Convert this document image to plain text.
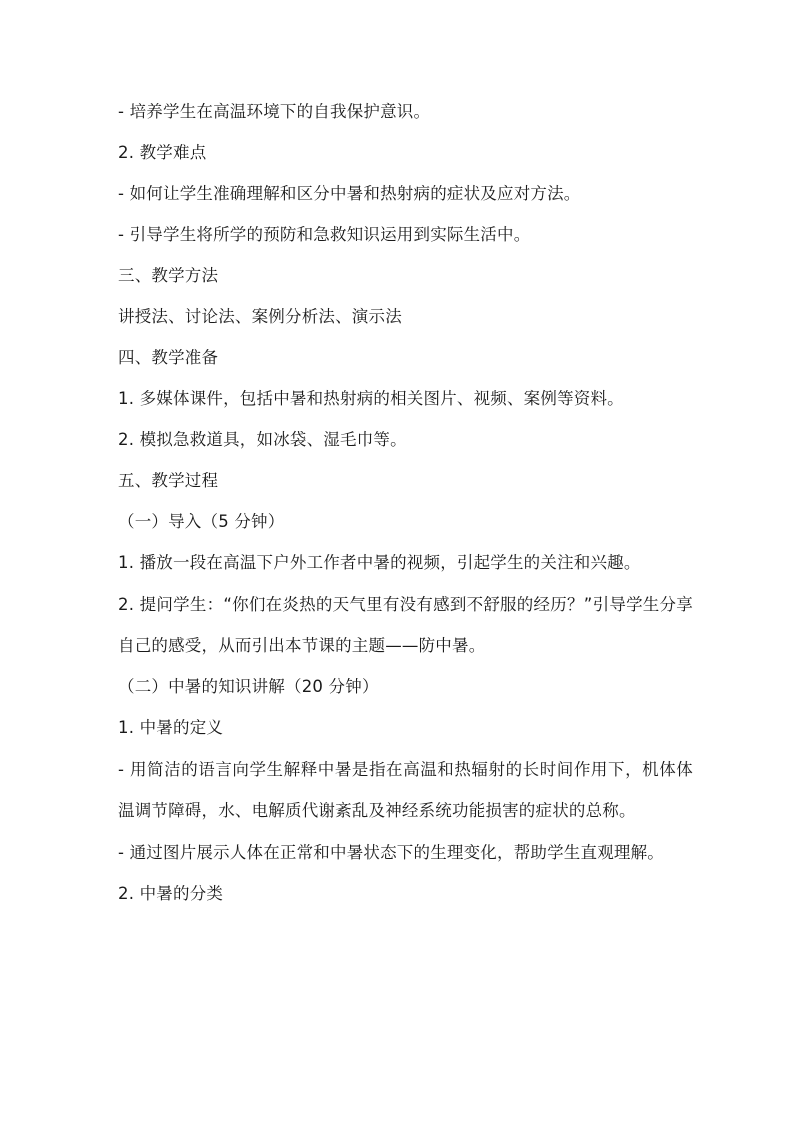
- 培养学生在高温环境下的自我保护意识。

2. 教学难点

- 如何让学生准确理解和区分中暑和热射病的症状及应对方法。

- 引导学生将所学的预防和急救知识运用到实际生活中。

三、教学方法

讲授法、讨论法、案例分析法、演示法

四、教学准备

1. 多媒体课件，包括中暑和热射病的相关图片、视频、案例等资料。

2. 模拟急救道具，如冰袋、湿毛巾等。

五、教学过程

（一）导入（5 分钟）

1. 播放一段在高温下户外工作者中暑的视频，引起学生的关注和兴趣。

2. 提问学生：“你们在炎热的天气里有没有感到不舒服的经历？”引导学生分享自己的感受，从而引出本节课的主题——防中暑。

（二）中暑的知识讲解（20 分钟）

1. 中暑的定义

- 用简洁的语言向学生解释中暑是指在高温和热辐射的长时间作用下，机体体温调节障碍，水、电解质代谢紊乱及神经系统功能损害的症状的总称。

- 通过图片展示人体在正常和中暑状态下的生理变化，帮助学生直观理解。

2. 中暑的分类
